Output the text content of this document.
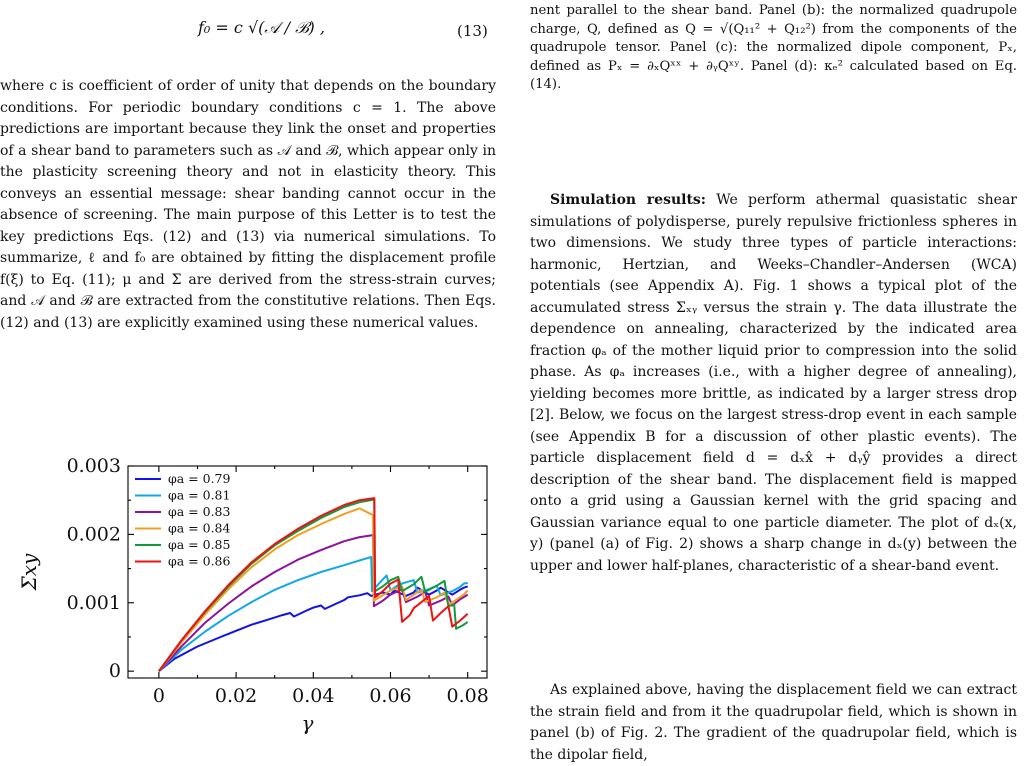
f₀ = c √(𝒜 / ℬ) ,	(13)
where c is coefficient of order of unity that depends on the boundary conditions. For periodic boundary conditions c = 1. The above predictions are important because they link the onset and properties of a shear band to parameters such as 𝒜 and ℬ, which appear only in the plasticity screening theory and not in elasticity theory. This conveys an essential message: shear banding cannot occur in the absence of screening. The main purpose of this Letter is to test the key predictions Eqs. (12) and (13) via numerical simulations. To summarize, ℓ and f₀ are obtained by fitting the displacement profile f(ξ) to Eq. (11); μ and Σ are derived from the stress-strain curves; and 𝒜 and ℬ are extracted from the constitutive relations. Then Eqs. (12) and (13) are explicitly examined using these numerical values.
0	0.02 0.04 0.06 0.08
0
0.001
0.002
0.003
γ
Σxy
φa = 0.79
φa = 0.81
φa = 0.83
φa = 0.84
φa = 0.85
φa = 0.86
nent parallel to the shear band. Panel (b): the normalized quadrupole charge, Q, defined as Q = √(Q₁₁² + Q₁₂²) from the components of the quadrupole tensor. Panel (c): the normalized dipole component, Pₓ, defined as Pₓ = ∂ₓQˣˣ + ∂ᵧQˣʸ. Panel (d): κₑ² calculated based on Eq. (14).
Simulation results: We perform athermal quasistatic shear simulations of polydisperse, purely repulsive frictionless spheres in two dimensions. We study three types of particle interactions: harmonic, Hertzian, and Weeks–Chandler–Andersen (WCA) potentials (see Appendix A). Fig. 1 shows a typical plot of the accumulated stress Σₓᵧ versus the strain γ. The data illustrate the dependence on annealing, characterized by the indicated area fraction φₐ of the mother liquid prior to compression into the solid phase. As φₐ increases (i.e., with a higher degree of annealing), yielding becomes more brittle, as indicated by a larger stress drop [2]. Below, we focus on the largest stress-drop event in each sample (see Appendix B for a discussion of other plastic events). The particle displacement field d = dₓx̂ + dᵧŷ provides a direct description of the shear band. The displacement field is mapped onto a grid using a Gaussian kernel with the grid spacing and Gaussian variance equal to one particle diameter. The plot of dₓ(x, y) (panel (a) of Fig. 2) shows a sharp change in dₓ(y) between the upper and lower half-planes, characteristic of a shear-band event.
As explained above, having the displacement field we can extract the strain field and from it the quadrupolar field, which is shown in panel (b) of Fig. 2. The gradient of the quadrupolar field, which is the dipolar field,
